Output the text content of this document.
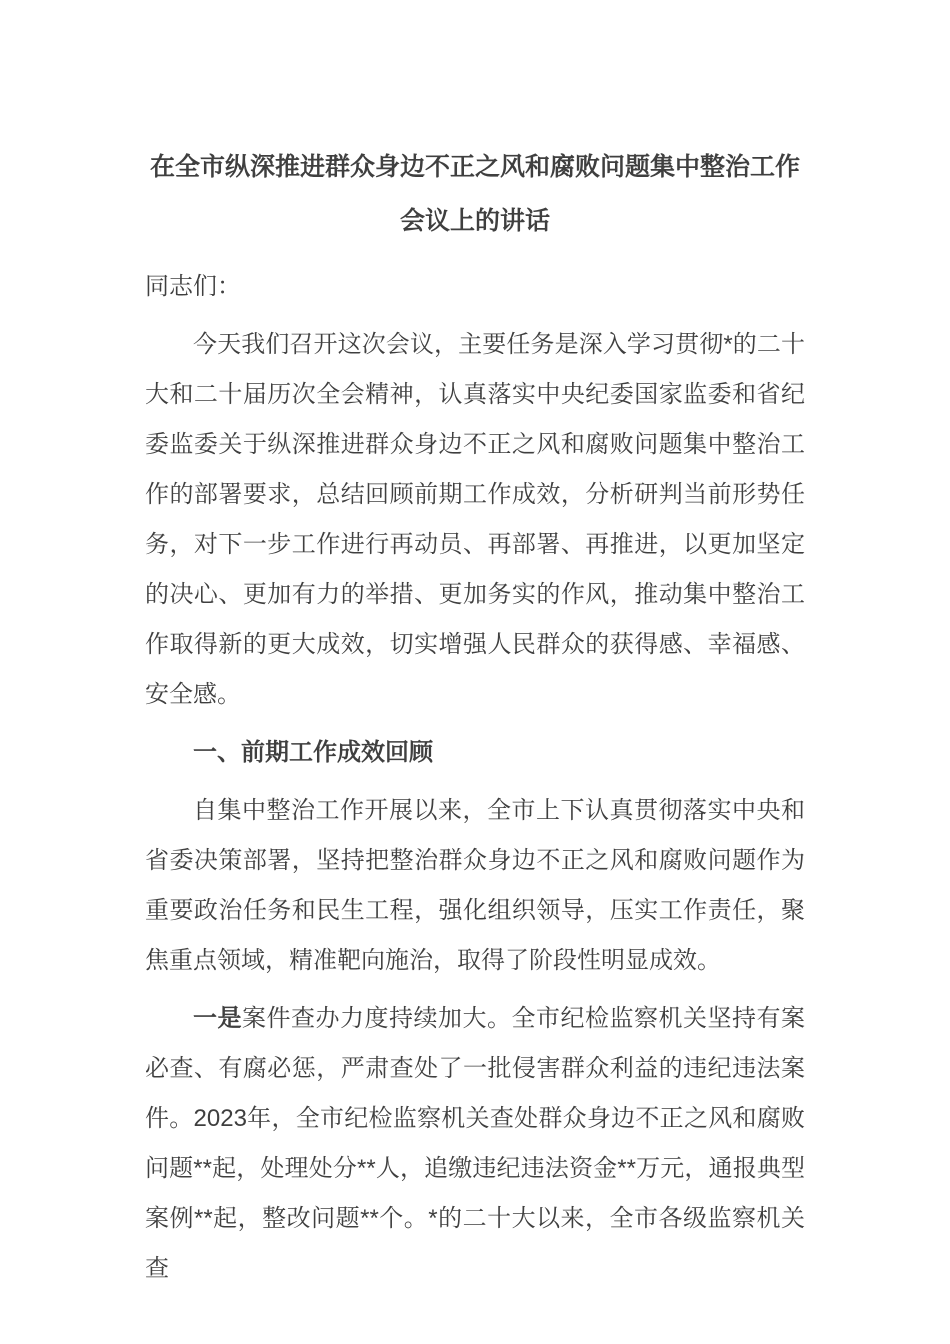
在全市纵深推进群众身边不正之风和腐败问题集中整治工作会议上的讲话

同志们：

今天我们召开这次会议，主要任务是深入学习贯彻*的二十大和二十届历次全会精神，认真落实中央纪委国家监委和省纪委监委关于纵深推进群众身边不正之风和腐败问题集中整治工作的部署要求，总结回顾前期工作成效，分析研判当前形势任务，对下一步工作进行再动员、再部署、再推进，以更加坚定的决心、更加有力的举措、更加务实的作风，推动集中整治工作取得新的更大成效，切实增强人民群众的获得感、幸福感、安全感。

一、前期工作成效回顾

自集中整治工作开展以来，全市上下认真贯彻落实中央和省委决策部署，坚持把整治群众身边不正之风和腐败问题作为重要政治任务和民生工程，强化组织领导，压实工作责任，聚焦重点领域，精准靶向施治，取得了阶段性明显成效。

一是案件查办力度持续加大。全市纪检监察机关坚持有案必查、有腐必惩，严肃查处了一批侵害群众利益的违纪违法案件。2023年，全市纪检监察机关查处群众身边不正之风和腐败问题**起，处理处分**人，追缴违纪违法资金**万元，通报典型案例**起，整改问题**个。*的二十大以来，全市各级监察机关查
